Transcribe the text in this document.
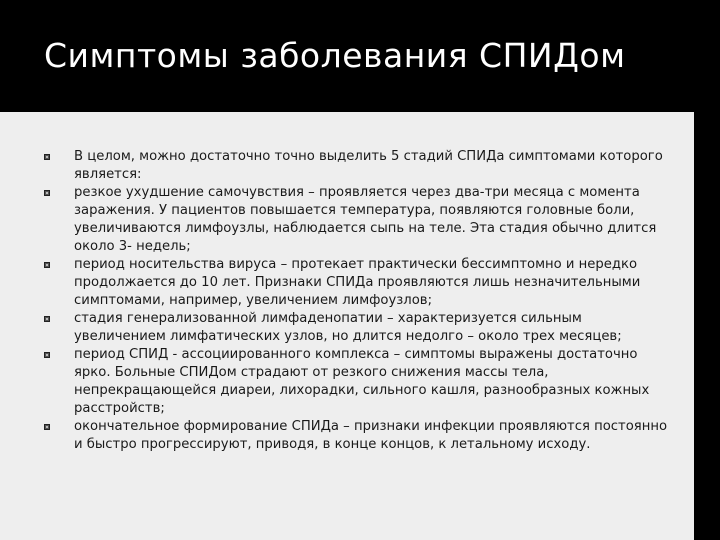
Симптомы заболевания СПИДом
В целом, можно достаточно точно выделить 5 стадий СПИДа симптомами которого является:
резкое ухудшение самочувствия – проявляется через два-три месяца с момента заражения. У пациентов повышается температура, появляются головные боли, увеличиваются лимфоузлы, наблюдается сыпь на теле. Эта стадия обычно длится около 3- недель;
период носительства вируса – протекает практически бессимптомно и нередко продолжается до 10 лет. Признаки СПИДа проявляются лишь незначительными симптомами, например, увеличением лимфоузлов;
стадия генерализованной лимфаденопатии – характеризуется сильным увеличением лимфатических узлов, но длится недолго – около трех месяцев;
период СПИД - ассоциированного комплекса – симптомы выражены достаточно ярко. Больные СПИДом страдают от резкого снижения массы тела, непрекращающейся диареи, лихорадки, сильного кашля, разнообразных кожных расстройств;
окончательное формирование СПИДа – признаки инфекции проявляются постоянно и быстро прогрессируют, приводя, в конце концов, к летальному исходу.
